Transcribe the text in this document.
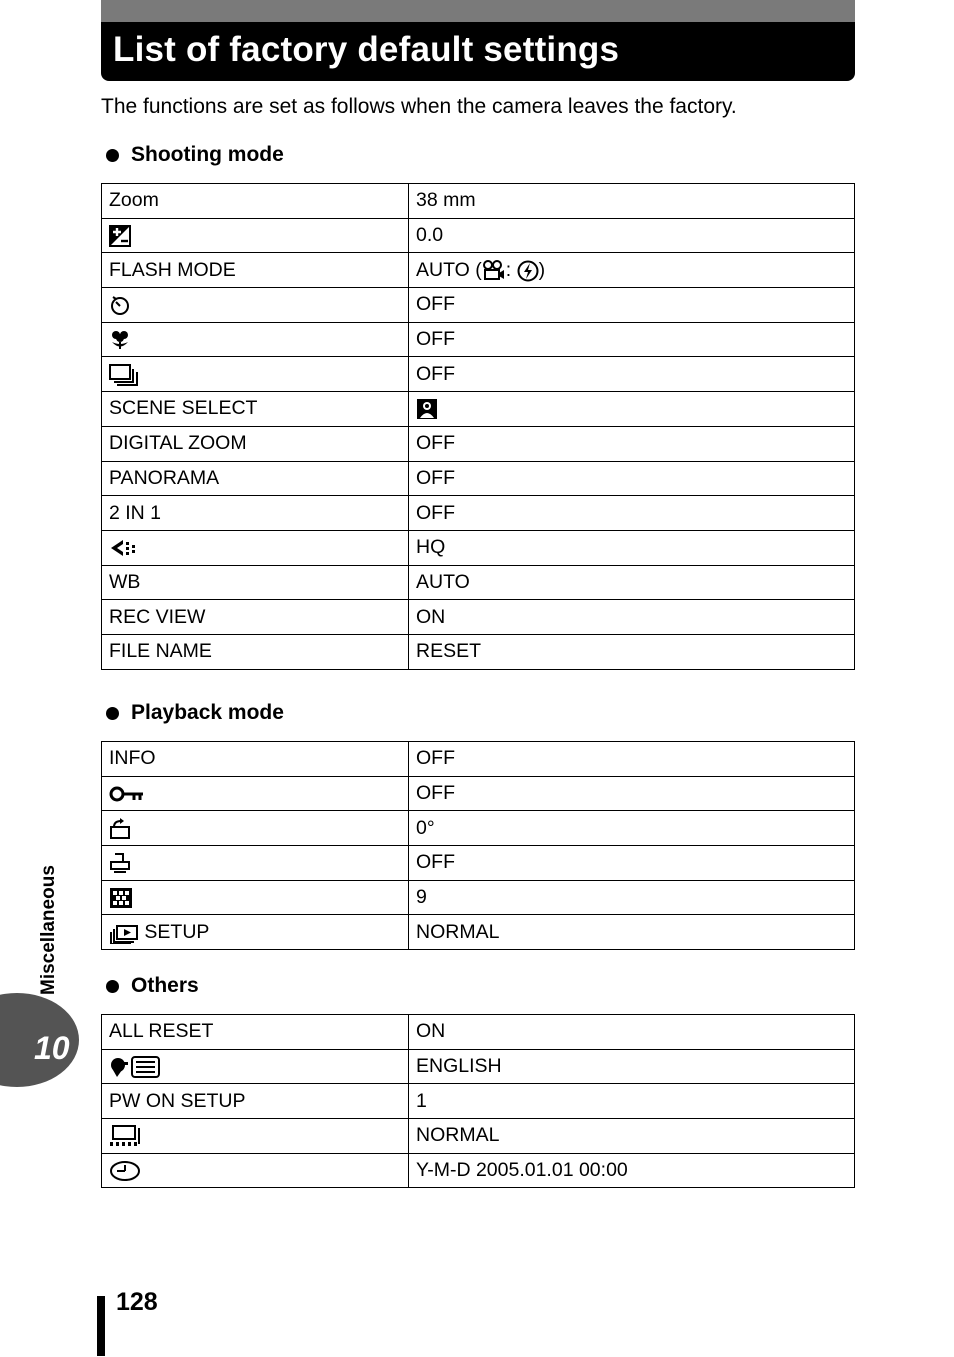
List of factory default settings

The functions are set as follows when the camera leaves the factory.

Shooting mode
Zoom	38 mm

	0.0
FLASH MODE	AUTO ( : )

	OFF

	OFF

	OFF
SCENE SELECT	

DIGITAL ZOOM	OFF
PANORAMA	OFF
2 IN 1	OFF

	HQ
WB	AUTO
REC VIEW	ON
FILE NAME	RESET
Playback mode
INFO	OFF

	OFF

	0°

	OFF

	9

SETUP	NORMAL
Others
ALL RESET	ON

	ENGLISH
PW ON SETUP	1

	NORMAL

	Y-M-D 2005.01.01 00:00
10
Miscellaneous
128
